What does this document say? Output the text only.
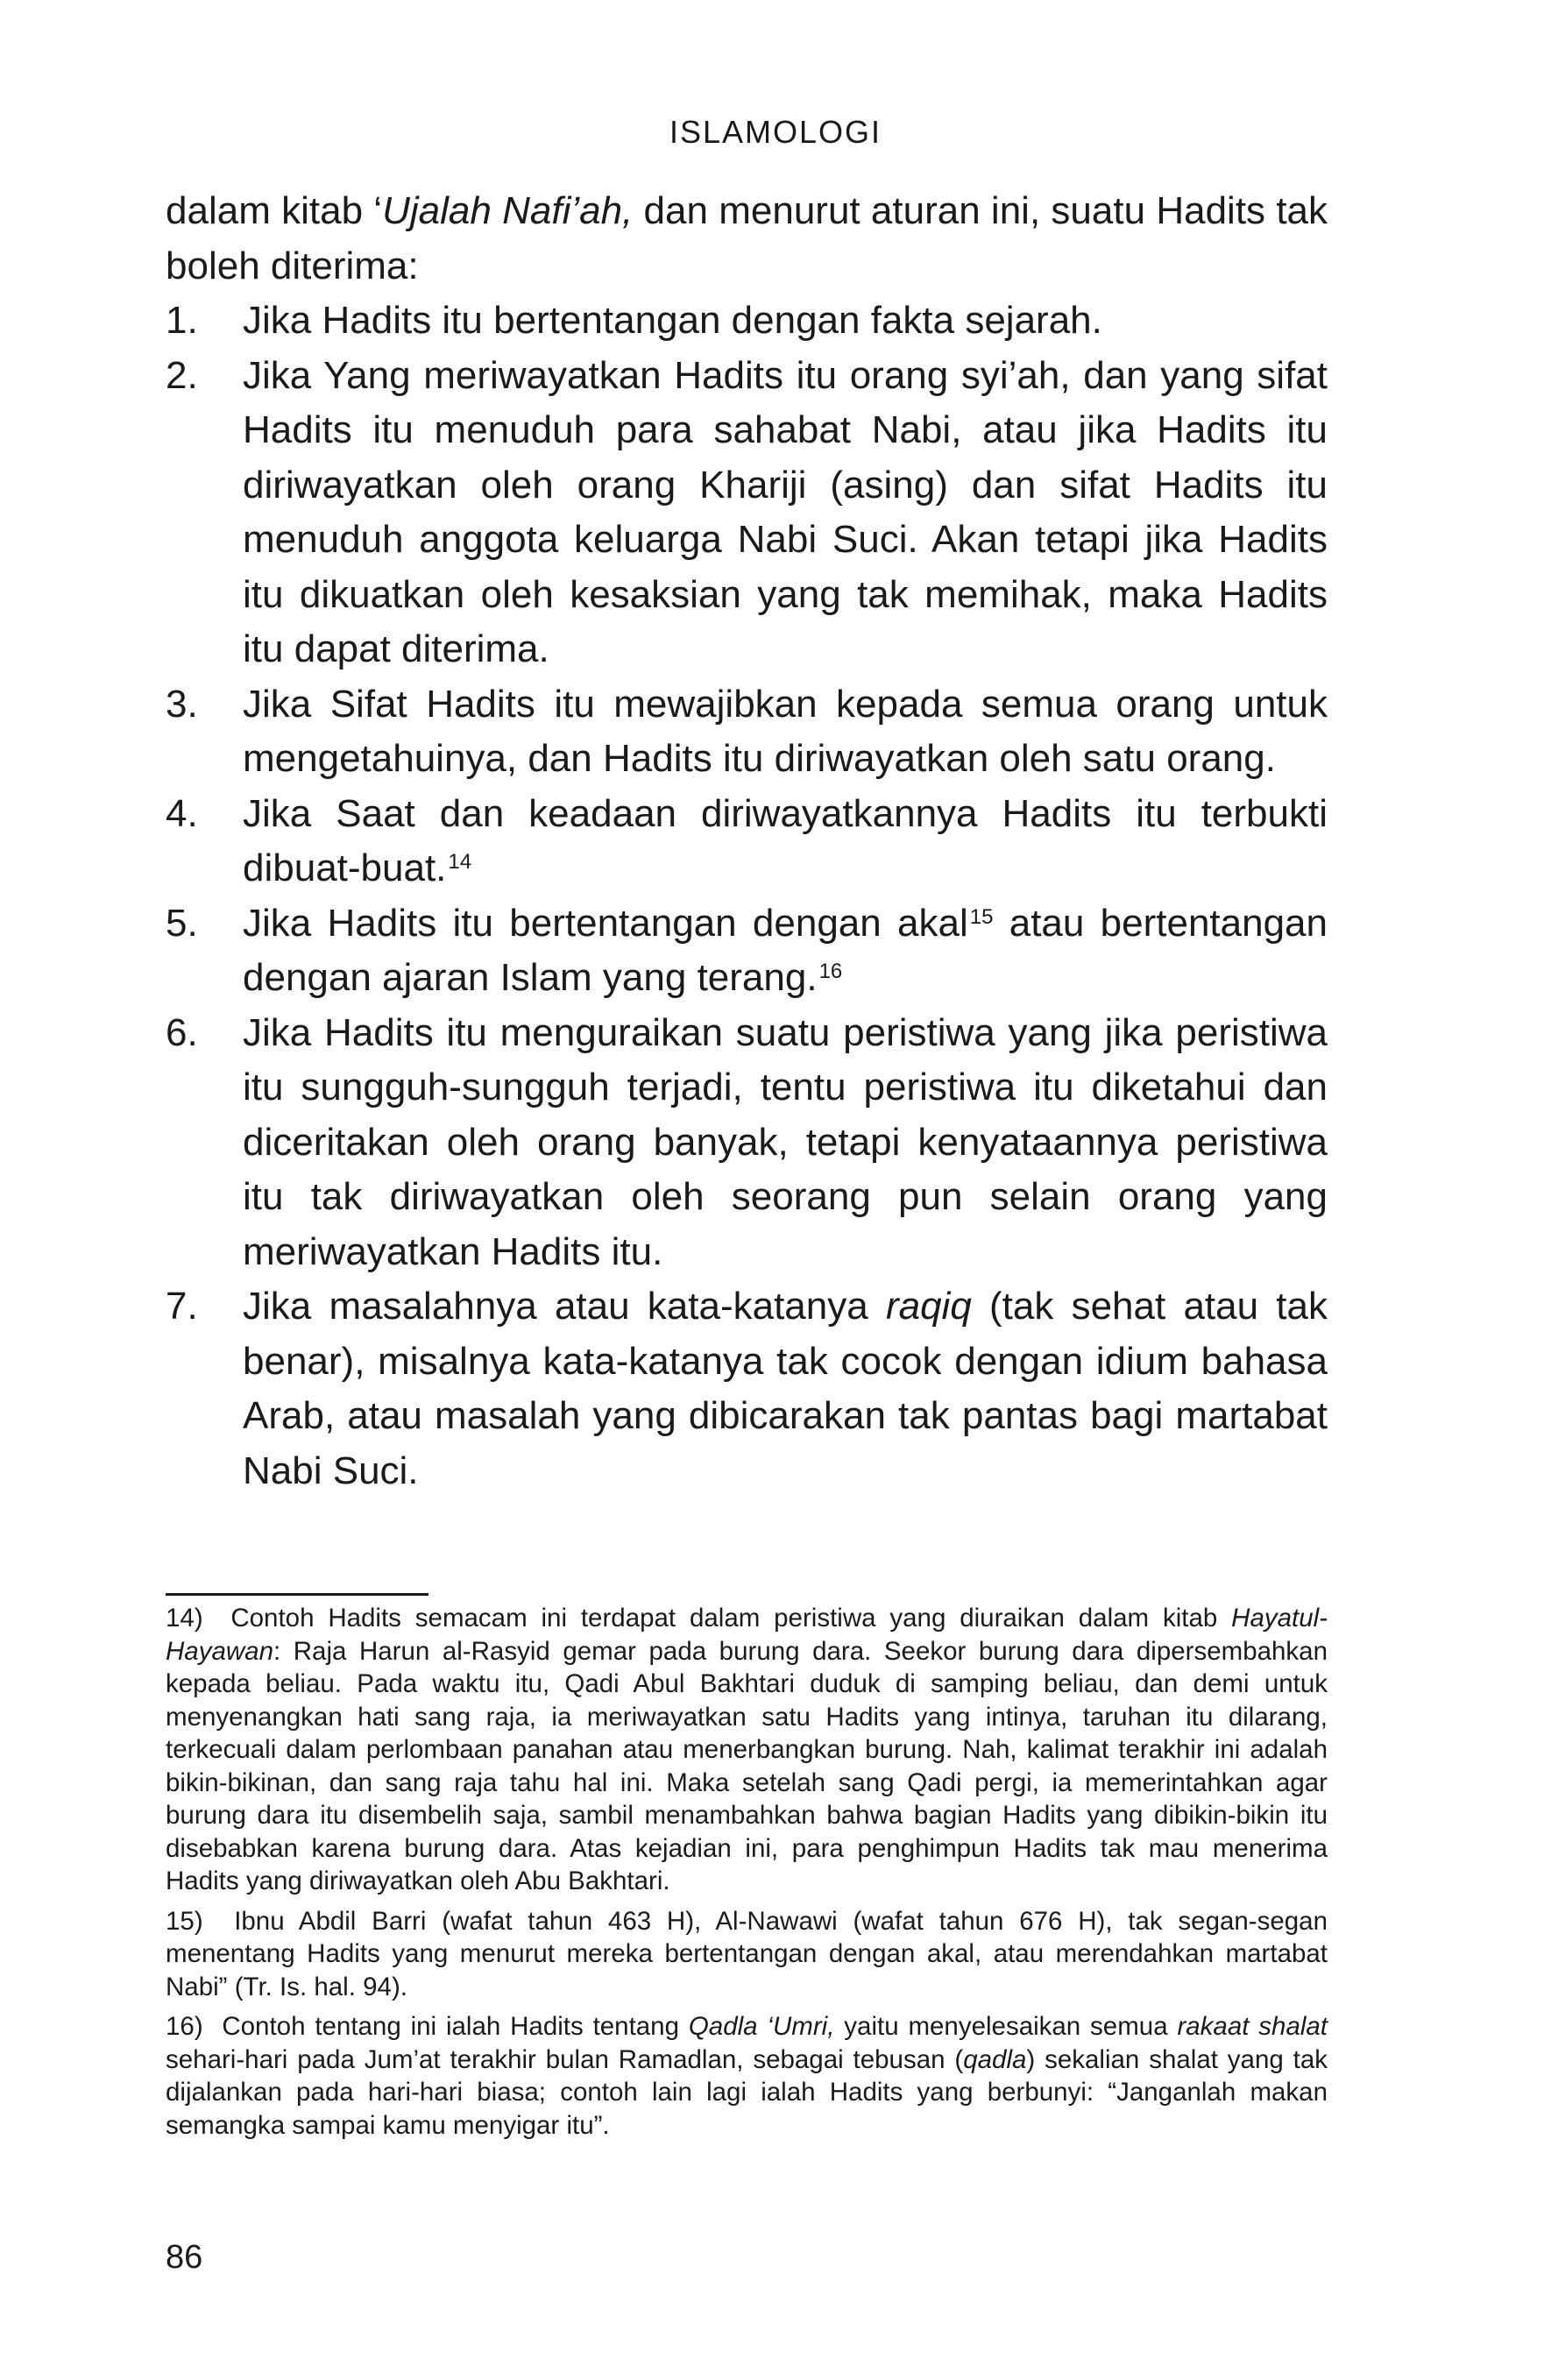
ISLAMOLOGI

dalam kitab ‘Ujalah Nafi’ah, dan menurut aturan ini, suatu Hadits tak boleh diterima:

1. Jika Hadits itu bertentangan dengan fakta sejarah.
2. Jika Yang meriwayatkan Hadits itu orang syi’ah, dan yang sifat Hadits itu menuduh para sahabat Nabi, atau jika Hadits itu diriwayatkan oleh orang Khariji (asing) dan sifat Hadits itu menuduh anggota keluarga Nabi Suci. Akan tetapi jika Hadits itu dikuatkan oleh kesaksian yang tak memihak, maka Hadits itu dapat diterima.
3. Jika Sifat Hadits itu mewajibkan kepada semua orang untuk mengetahuinya, dan Hadits itu diriwayatkan oleh satu orang.
4. Jika Saat dan keadaan diriwayatkannya Hadits itu terbukti dibuat-buat.$^{14}$
5. Jika Hadits itu bertentangan dengan akal$^{15}$ atau bertentangan dengan ajaran Islam yang terang.$^{16}$
6. Jika Hadits itu menguraikan suatu peristiwa yang jika peristiwa itu sungguh-sungguh terjadi, tentu peristiwa itu diketahui dan diceritakan oleh orang banyak, tetapi kenyataannya peristiwa itu tak diriwayatkan oleh seorang pun selain orang yang meriwayatkan Hadits itu.
7. Jika masalahnya atau kata-katanya raqiq (tak sehat atau tak benar), misalnya kata-katanya tak cocok dengan idium bahasa Arab, atau masalah yang dibicarakan tak pantas bagi martabat Nabi Suci.

14) Contoh Hadits semacam ini terdapat dalam peristiwa yang diuraikan dalam kitab Hayatul-Hayawan: Raja Harun al-Rasyid gemar pada burung dara. Seekor burung dara dipersembahkan kepada beliau. Pada waktu itu, Qadi Abul Bakhtari duduk di samping beliau, dan demi untuk menyenangkan hati sang raja, ia meriwayatkan satu Hadits yang intinya, taruhan itu dilarang, terkecuali dalam perlombaan panahan atau menerbangkan burung. Nah, kalimat terakhir ini adalah bikin-bikinan, dan sang raja tahu hal ini. Maka setelah sang Qadi pergi, ia memerintahkan agar burung dara itu disembelih saja, sambil menambahkan bahwa bagian Hadits yang dibikin-bikin itu disebabkan karena burung dara. Atas kejadian ini, para penghimpun Hadits tak mau menerima Hadits yang diriwayatkan oleh Abu Bakhtari.

15) Ibnu Abdil Barri (wafat tahun 463 H), Al-Nawawi (wafat tahun 676 H), tak segan-segan menentang Hadits yang menurut mereka bertentangan dengan akal, atau merendahkan martabat Nabi” (Tr. Is. hal. 94).

16) Contoh tentang ini ialah Hadits tentang Qadla ‘Umri, yaitu menyelesaikan semua rakaat shalat sehari-hari pada Jum’at terakhir bulan Ramadlan, sebagai tebusan (qadla) sekalian shalat yang tak dijalankan pada hari-hari biasa; contoh lain lagi ialah Hadits yang berbunyi: “Janganlah makan semangka sampai kamu menyigar itu”.

86
